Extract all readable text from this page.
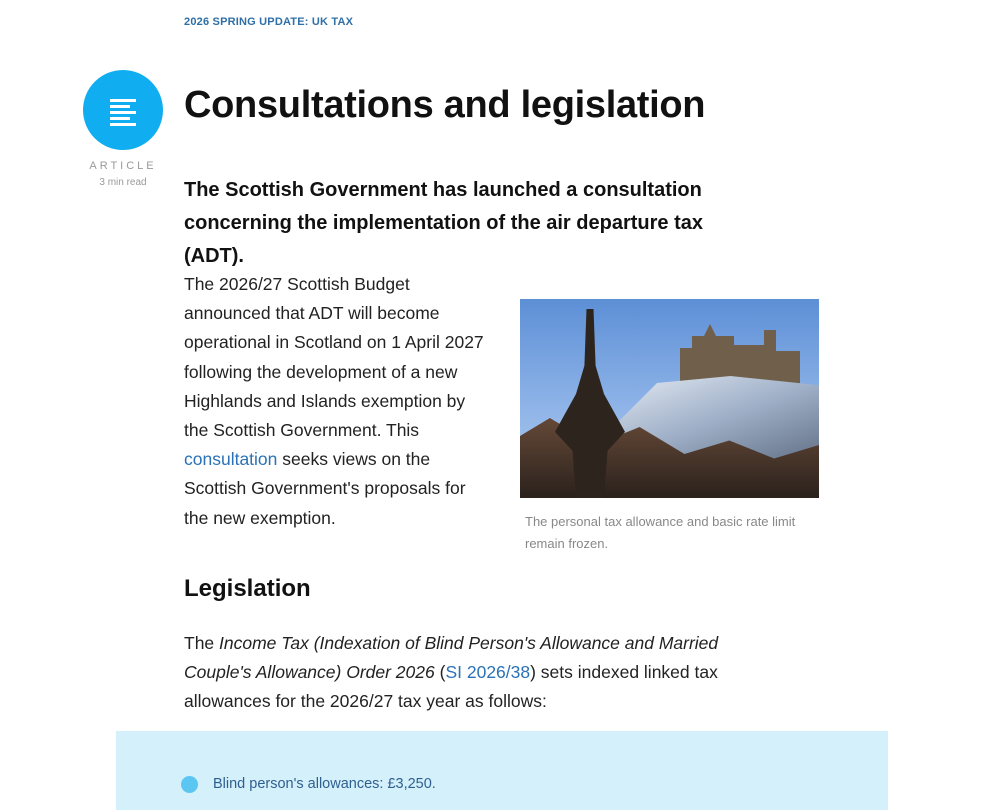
2026 SPRING UPDATE: UK TAX
ARTICLE
3 min read
Consultations and legislation

The Scottish Government has launched a consultation concerning the implementation of the air departure tax (ADT).

The 2026/27 Scottish Budget announced that ADT will become operational in Scotland on 1 April 2027 following the development of a new Highlands and Islands exemption by the Scottish Government. This consultation seeks views on the Scottish Government's proposals for the new exemption.	The personal tax allowance and basic rate limit remain frozen.

Legislation

The Income Tax (Indexation of Blind Person's Allowance and Married Couple's Allowance) Order 2026 (SI 2026/38) sets indexed linked tax allowances for the 2026/27 tax year as follows:

Blind person's allowances: £3,250.
